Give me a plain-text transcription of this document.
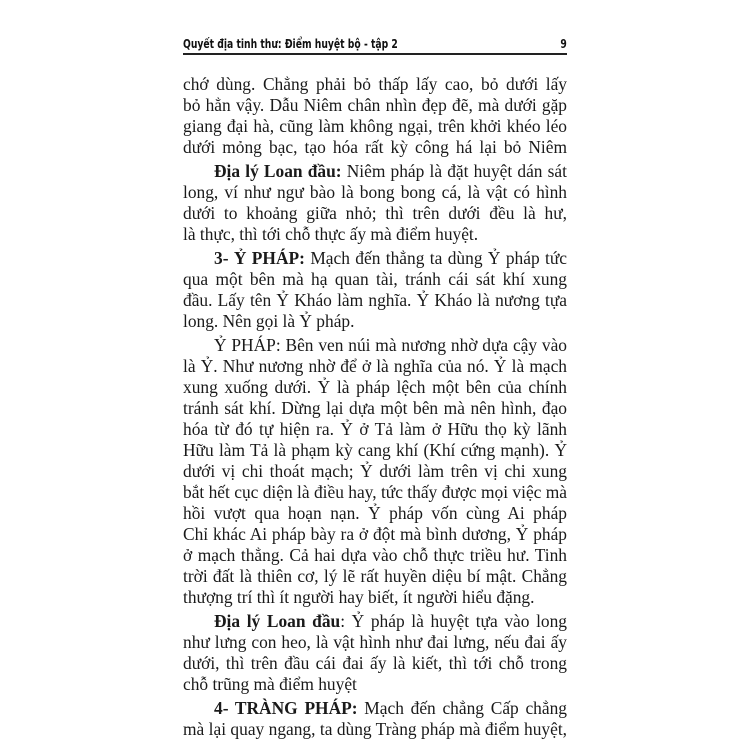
Quyết địa tinh thư: Điểm huyệt bộ - tập 2	9
chớ dùng. Chẳng phải bỏ thấp lấy cao, bỏ dưới lấy
bỏ hẳn vậy. Dẫu Niêm chân nhìn đẹp đẽ, mà dưới gặp
giang đại hà, cũng làm không ngại, trên khởi khéo léo
dưới mỏng bạc, tạo hóa rất kỳ công há lại bỏ Niêm
Địa lý Loan đầu: Niêm pháp là đặt huyệt dán sát
long, ví như ngư bào là bong bong cá, là vật có hình
dưới to khoảng giữa nhỏ; thì trên dưới đều là hư,
là thực, thì tới chỗ thực ấy mà điểm huyệt.
3- Ỷ PHÁP: Mạch đến thẳng ta dùng Ỷ pháp tức
qua một bên mà hạ quan tài, tránh cái sát khí xung
đầu. Lấy tên Ỷ Kháo làm nghĩa. Ỷ Kháo là nương tựa
long. Nên gọi là Ỷ pháp.
Ỷ PHÁP: Bên ven núi mà nương nhờ dựa cậy vào
là Ỷ. Như nương nhờ để ở là nghĩa của nó. Ỷ là mạch
xung xuống dưới. Ỷ là pháp lệch một bên của chính
tránh sát khí. Dừng lại dựa một bên mà nên hình, đạo
hóa từ đó tự hiện ra. Ỷ ở Tả làm ở Hữu thọ kỳ lãnh
Hữu làm Tả là phạm kỳ cang khí (Khí cứng mạnh). Ỷ
dưới vị chi thoát mạch; Ỷ dưới làm trên vị chi xung
bắt hết cục diện là điều hay, tức thấy được mọi việc mà
hồi vượt qua hoạn nạn. Ỷ pháp vốn cùng Ai pháp
Chỉ khác Ai pháp bày ra ở đột mà bình dương, Ỷ pháp
ở mạch thẳng. Cả hai dựa vào chỗ thực triều hư. Tinh
trời đất là thiên cơ, lý lẽ rất huyền diệu bí mật. Chẳng
thượng trí thì ít người hay biết, ít người hiểu đặng.
Địa lý Loan đầu: Ỷ pháp là huyệt tựa vào long
như lưng con heo, là vật hình như đai lưng, nếu đai ấy
dưới, thì trên đầu cái đai ấy là kiết, thì tới chỗ trong
chỗ trũng mà điểm huyệt
4- TRÀNG PHÁP: Mạch đến chẳng Cấp chẳng
mà lại quay ngang, ta dùng Tràng pháp mà điểm huyệt,
